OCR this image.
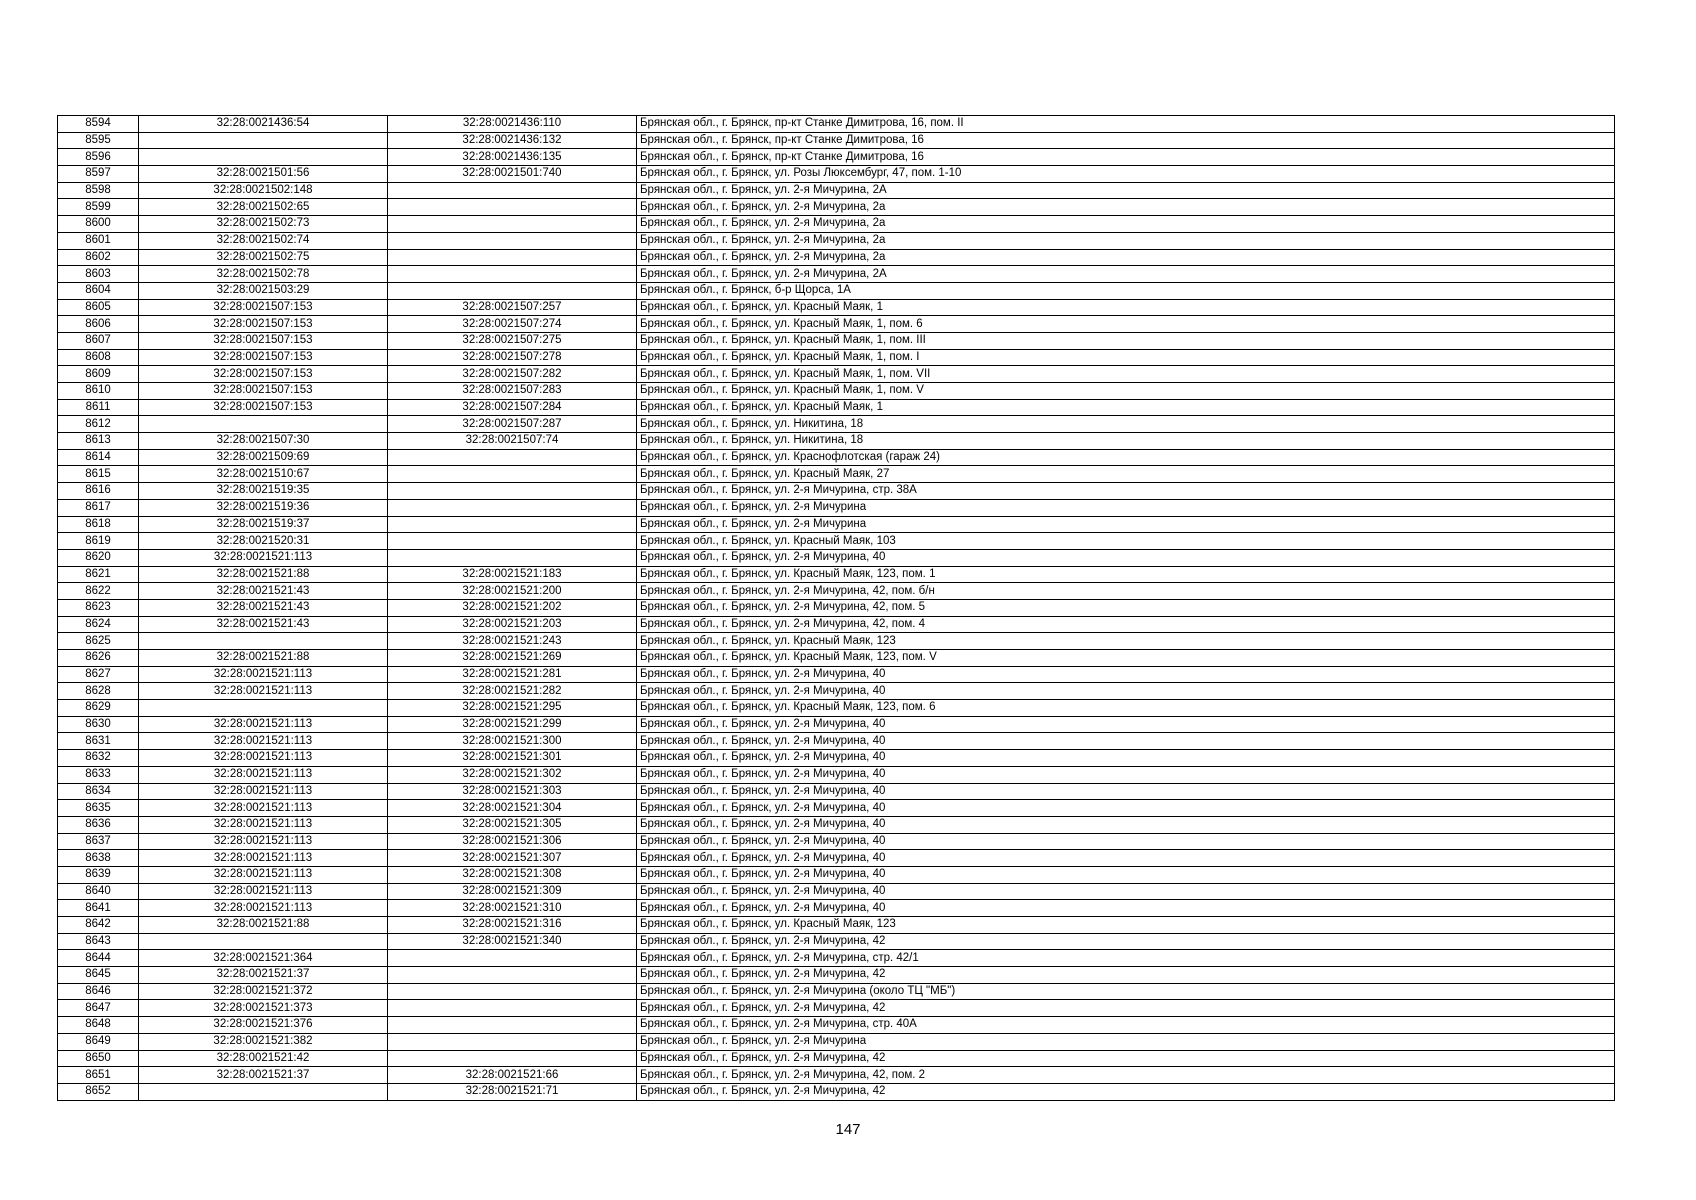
8594	32:28:0021436:54	32:28:0021436:110	Брянская обл., г. Брянск, пр-кт Станке Димитрова, 16, пом. II
8595		32:28:0021436:132	Брянская обл., г. Брянск, пр-кт Станке Димитрова, 16
8596		32:28:0021436:135	Брянская обл., г. Брянск, пр-кт Станке Димитрова, 16
8597	32:28:0021501:56	32:28:0021501:740	Брянская обл., г. Брянск, ул. Розы Люксембург, 47, пом. 1-10
8598	32:28:0021502:148		Брянская обл., г. Брянск, ул. 2-я Мичурина, 2А
8599	32:28:0021502:65		Брянская обл., г. Брянск, ул. 2-я Мичурина, 2а
8600	32:28:0021502:73		Брянская обл., г. Брянск, ул. 2-я Мичурина, 2а
8601	32:28:0021502:74		Брянская обл., г. Брянск, ул. 2-я Мичурина, 2а
8602	32:28:0021502:75		Брянская обл., г. Брянск, ул. 2-я Мичурина, 2а
8603	32:28:0021502:78		Брянская обл., г. Брянск, ул. 2-я Мичурина, 2А
8604	32:28:0021503:29		Брянская обл., г. Брянск, б-р Щорса, 1А
8605	32:28:0021507:153	32:28:0021507:257	Брянская обл., г. Брянск, ул. Красный Маяк, 1
8606	32:28:0021507:153	32:28:0021507:274	Брянская обл., г. Брянск, ул. Красный Маяк, 1, пом. 6
8607	32:28:0021507:153	32:28:0021507:275	Брянская обл., г. Брянск, ул. Красный Маяк, 1, пом. III
8608	32:28:0021507:153	32:28:0021507:278	Брянская обл., г. Брянск, ул. Красный Маяк, 1, пом. I
8609	32:28:0021507:153	32:28:0021507:282	Брянская обл., г. Брянск, ул. Красный Маяк, 1, пом. VII
8610	32:28:0021507:153	32:28:0021507:283	Брянская обл., г. Брянск, ул. Красный Маяк, 1, пом. V
8611	32:28:0021507:153	32:28:0021507:284	Брянская обл., г. Брянск, ул. Красный Маяк, 1
8612		32:28:0021507:287	Брянская обл., г. Брянск, ул. Никитина, 18
8613	32:28:0021507:30	32:28:0021507:74	Брянская обл., г. Брянск, ул. Никитина, 18
8614	32:28:0021509:69		Брянская обл., г. Брянск, ул. Краснофлотская (гараж 24)
8615	32:28:0021510:67		Брянская обл., г. Брянск, ул. Красный Маяк, 27
8616	32:28:0021519:35		Брянская обл., г. Брянск, ул. 2-я Мичурина, стр. 38А
8617	32:28:0021519:36		Брянская обл., г. Брянск, ул. 2-я Мичурина
8618	32:28:0021519:37		Брянская обл., г. Брянск, ул. 2-я Мичурина
8619	32:28:0021520:31		Брянская обл., г. Брянск, ул. Красный Маяк, 103
8620	32:28:0021521:113		Брянская обл., г. Брянск, ул. 2-я Мичурина, 40
8621	32:28:0021521:88	32:28:0021521:183	Брянская обл., г. Брянск, ул. Красный Маяк, 123, пом. 1
8622	32:28:0021521:43	32:28:0021521:200	Брянская обл., г. Брянск, ул. 2-я Мичурина, 42, пом. б/н
8623	32:28:0021521:43	32:28:0021521:202	Брянская обл., г. Брянск, ул. 2-я Мичурина, 42, пом. 5
8624	32:28:0021521:43	32:28:0021521:203	Брянская обл., г. Брянск, ул. 2-я Мичурина, 42, пом. 4
8625		32:28:0021521:243	Брянская обл., г. Брянск, ул. Красный Маяк, 123
8626	32:28:0021521:88	32:28:0021521:269	Брянская обл., г. Брянск, ул. Красный Маяк, 123, пом. V
8627	32:28:0021521:113	32:28:0021521:281	Брянская обл., г. Брянск, ул. 2-я Мичурина, 40
8628	32:28:0021521:113	32:28:0021521:282	Брянская обл., г. Брянск, ул. 2-я Мичурина, 40
8629		32:28:0021521:295	Брянская обл., г. Брянск, ул. Красный Маяк, 123, пом. 6
8630	32:28:0021521:113	32:28:0021521:299	Брянская обл., г. Брянск, ул. 2-я Мичурина, 40
8631	32:28:0021521:113	32:28:0021521:300	Брянская обл., г. Брянск, ул. 2-я Мичурина, 40
8632	32:28:0021521:113	32:28:0021521:301	Брянская обл., г. Брянск, ул. 2-я Мичурина, 40
8633	32:28:0021521:113	32:28:0021521:302	Брянская обл., г. Брянск, ул. 2-я Мичурина, 40
8634	32:28:0021521:113	32:28:0021521:303	Брянская обл., г. Брянск, ул. 2-я Мичурина, 40
8635	32:28:0021521:113	32:28:0021521:304	Брянская обл., г. Брянск, ул. 2-я Мичурина, 40
8636	32:28:0021521:113	32:28:0021521:305	Брянская обл., г. Брянск, ул. 2-я Мичурина, 40
8637	32:28:0021521:113	32:28:0021521:306	Брянская обл., г. Брянск, ул. 2-я Мичурина, 40
8638	32:28:0021521:113	32:28:0021521:307	Брянская обл., г. Брянск, ул. 2-я Мичурина, 40
8639	32:28:0021521:113	32:28:0021521:308	Брянская обл., г. Брянск, ул. 2-я Мичурина, 40
8640	32:28:0021521:113	32:28:0021521:309	Брянская обл., г. Брянск, ул. 2-я Мичурина, 40
8641	32:28:0021521:113	32:28:0021521:310	Брянская обл., г. Брянск, ул. 2-я Мичурина, 40
8642	32:28:0021521:88	32:28:0021521:316	Брянская обл., г. Брянск, ул. Красный Маяк, 123
8643		32:28:0021521:340	Брянская обл., г. Брянск, ул. 2-я Мичурина, 42
8644	32:28:0021521:364		Брянская обл., г. Брянск, ул. 2-я Мичурина, стр. 42/1
8645	32:28:0021521:37		Брянская обл., г. Брянск, ул. 2-я Мичурина, 42
8646	32:28:0021521:372		Брянская обл., г. Брянск, ул. 2-я Мичурина (около ТЦ "МБ")
8647	32:28:0021521:373		Брянская обл., г. Брянск, ул. 2-я Мичурина, 42
8648	32:28:0021521:376		Брянская обл., г. Брянск, ул. 2-я Мичурина, стр. 40А
8649	32:28:0021521:382		Брянская обл., г. Брянск, ул. 2-я Мичурина
8650	32:28:0021521:42		Брянская обл., г. Брянск, ул. 2-я Мичурина, 42
8651	32:28:0021521:37	32:28:0021521:66	Брянская обл., г. Брянск, ул. 2-я Мичурина, 42, пом. 2
8652		32:28:0021521:71	Брянская обл., г. Брянск, ул. 2-я Мичурина, 42
147
